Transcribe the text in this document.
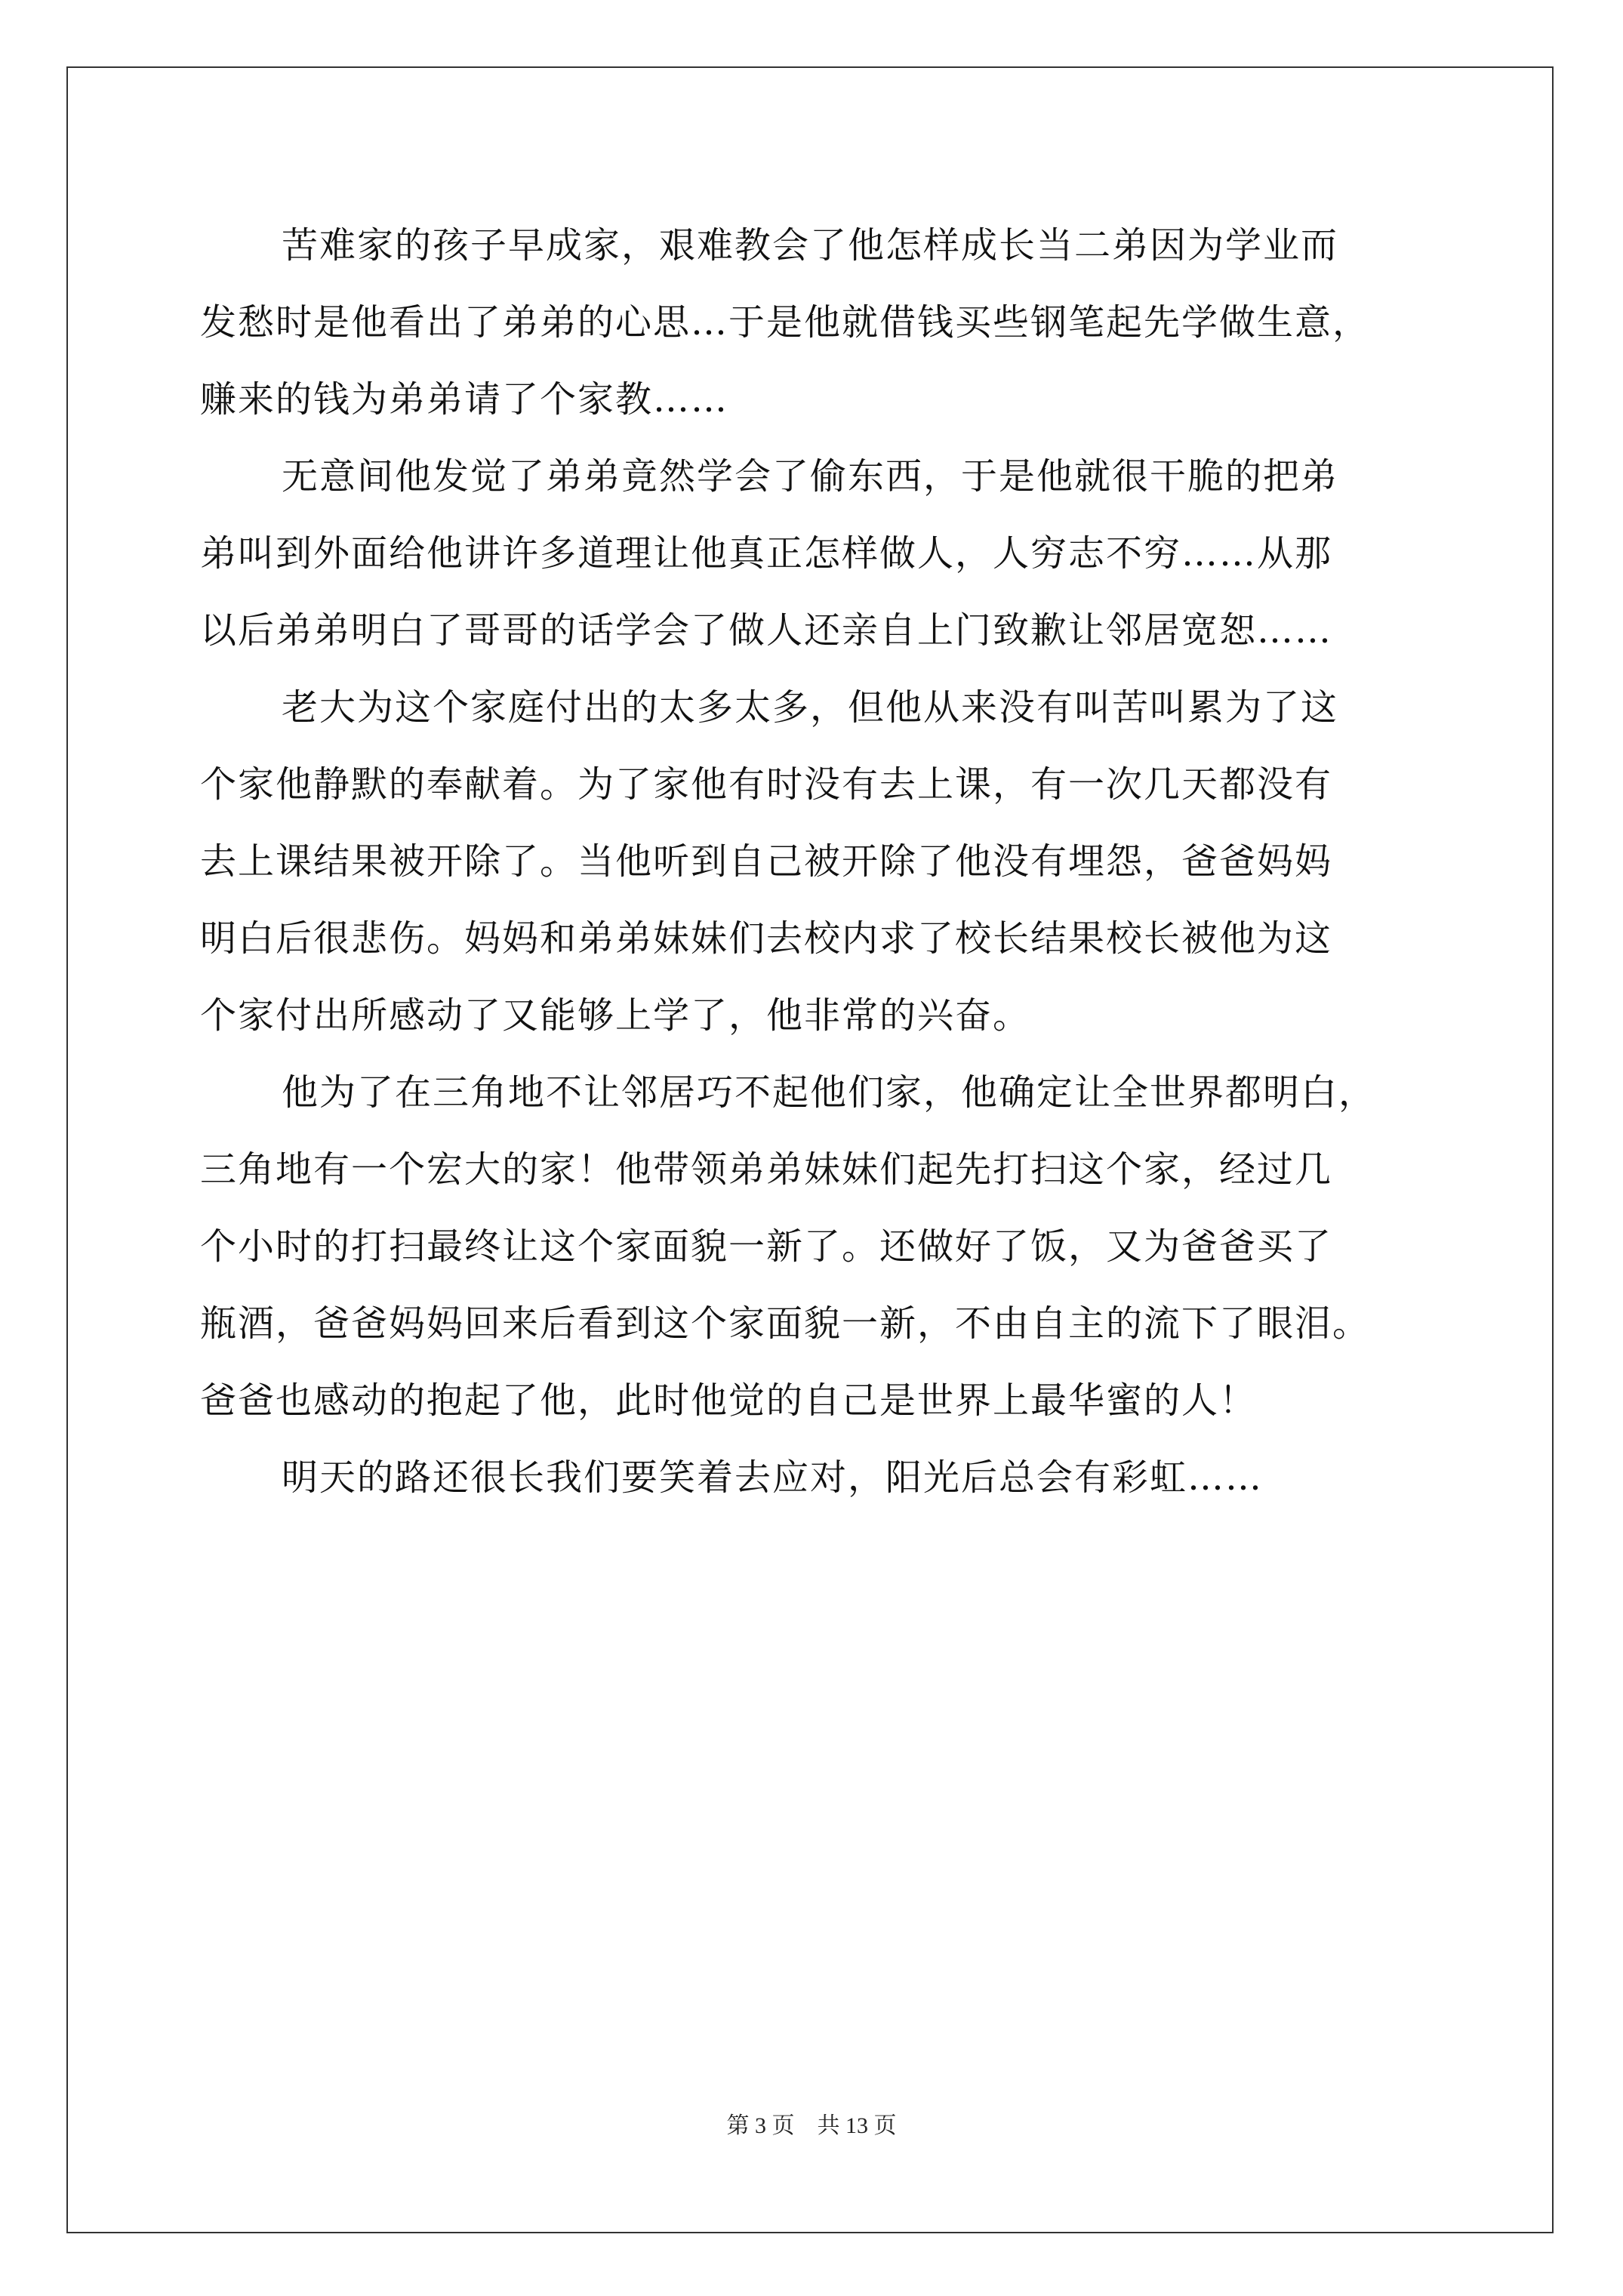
苦难家的孩子早成家，艰难教会了他怎样成长当二弟因为学业而
发愁时是他看出了弟弟的心思…于是他就借钱买些钢笔起先学做生意，
赚来的钱为弟弟请了个家教……
无意间他发觉了弟弟竟然学会了偷东西，于是他就很干脆的把弟
弟叫到外面给他讲许多道理让他真正怎样做人，人穷志不穷……从那
以后弟弟明白了哥哥的话学会了做人还亲自上门致歉让邻居宽恕……
老大为这个家庭付出的太多太多，但他从来没有叫苦叫累为了这
个家他静默的奉献着。为了家他有时没有去上课，有一次几天都没有
去上课结果被开除了。当他听到自己被开除了他没有埋怨，爸爸妈妈
明白后很悲伤。妈妈和弟弟妹妹们去校内求了校长结果校长被他为这
个家付出所感动了又能够上学了，他非常的兴奋。
他为了在三角地不让邻居巧不起他们家，他确定让全世界都明白，
三角地有一个宏大的家！他带领弟弟妹妹们起先打扫这个家，经过几
个小时的打扫最终让这个家面貌一新了。还做好了饭，又为爸爸买了
瓶酒，爸爸妈妈回来后看到这个家面貌一新，不由自主的流下了眼泪。
爸爸也感动的抱起了他，此时他觉的自己是世界上最华蜜的人！
明天的路还很长我们要笑着去应对，阳光后总会有彩虹……
第 3 页　共 13 页
